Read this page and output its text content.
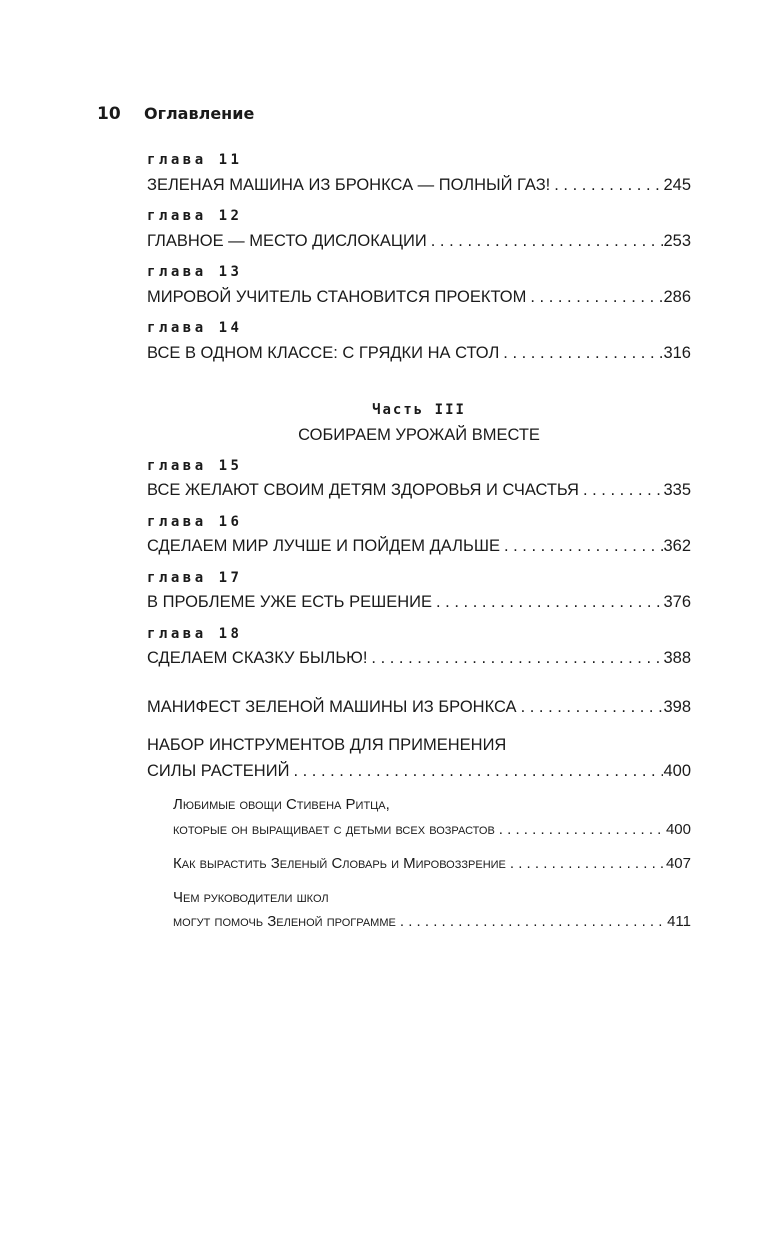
10	Оглавление
глава 11
ЗЕЛЕНАЯ МАШИНА ИЗ БРОНКСА — ПОЛНЫЙ ГАЗ! . . .	245
глава 12
ГЛАВНОЕ — МЕСТО ДИСЛОКАЦИИ . . .	253
глава 13
МИРОВОЙ УЧИТЕЛЬ СТАНОВИТСЯ ПРОЕКТОМ . . .	286
глава 14
ВСЕ В ОДНОМ КЛАССЕ: С ГРЯДКИ НА СТОЛ . . .	.316
Часть III
СОБИРАЕМ УРОЖАЙ ВМЕСТЕ
глава 15
ВСЕ ЖЕЛАЮТ СВОИМ ДЕТЯМ ЗДОРОВЬЯ И СЧАСТЬЯ . . .	335
глава 16
СДЕЛАЕМ МИР ЛУЧШЕ И ПОЙДЕМ ДАЛЬШЕ . . .	362
глава 17
В ПРОБЛЕМЕ УЖЕ ЕСТЬ РЕШЕНИЕ . . .	376
глава 18
СДЕЛАЕМ СКАЗКУ БЫЛЬЮ! . . .	388
МАНИФЕСТ ЗЕЛЕНОЙ МАШИНЫ ИЗ БРОНКСА . . .	398
НАБОР ИНСТРУМЕНТОВ ДЛЯ ПРИМЕНЕНИЯ
СИЛЫ РАСТЕНИЙ . . .	400
Любимые овощи Стивена Ритца,
которые он выращивает с детьми всех возрастов . . .	400
Как вырастить Зеленый Словарь и Мировоззрение . . .	407
Чем руководители школ
могут помочь Зеленой программе . . .	411
